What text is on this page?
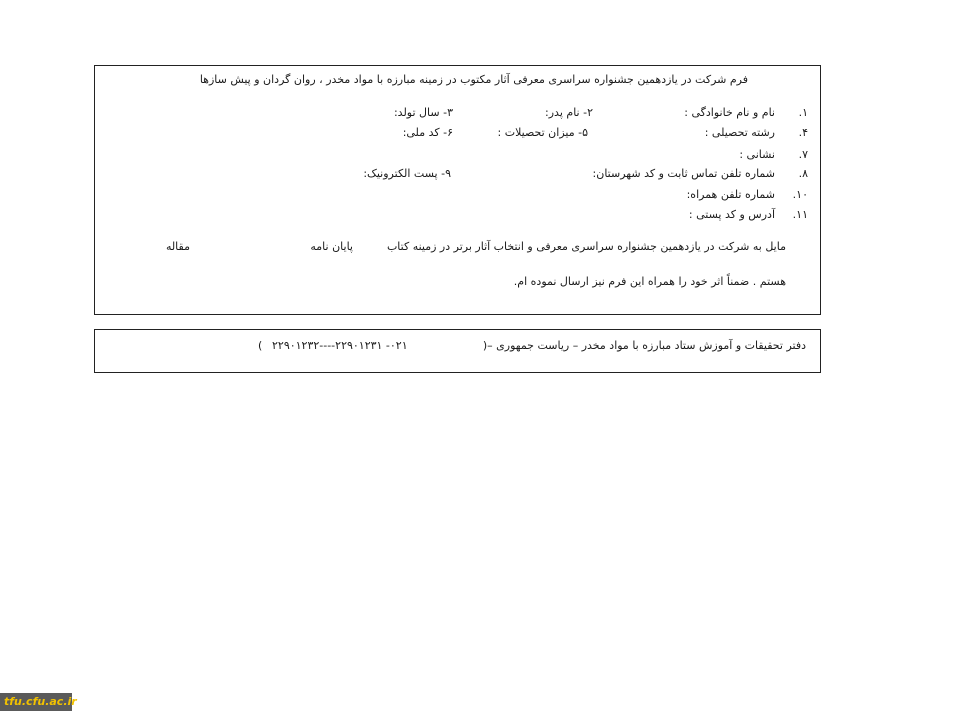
فرم شرکت در یازدهمین جشنواره سراسری معرفی آثار مکتوب در زمینه مبارزه با مواد مخدر ، روان گردان و پیش سازها
۱.
نام و نام خانوادگی :
۲- نام پدر:
۳- سال تولد:
۴.
رشته تحصیلی :
۵- میزان تحصیلات :
۶- کد ملی:
۷.
نشانی :
۸.
شماره تلفن تماس ثابت و کد شهرستان:
۹- پست الکترونیک:
۱۰.
شماره تلفن همراه:
۱۱.
آدرس و کد پستی :
مایل به شرکت در یازدهمین جشنواره سراسری معرفی و انتخاب آثار برتر در زمینه کتاب
پایان نامه
مقاله
هستم . ضمناً اثر خود را همراه این فرم نیز ارسال نموده ام.
دفتر تحقیقات و آموزش ستاد مبارزه با مواد مخدر – ریاست جمهوری –(
٠٢١- ٢٢٩٠١٢٣١----٢٢٩٠١٢٣٢
)
tfu.cfu.ac.ir
